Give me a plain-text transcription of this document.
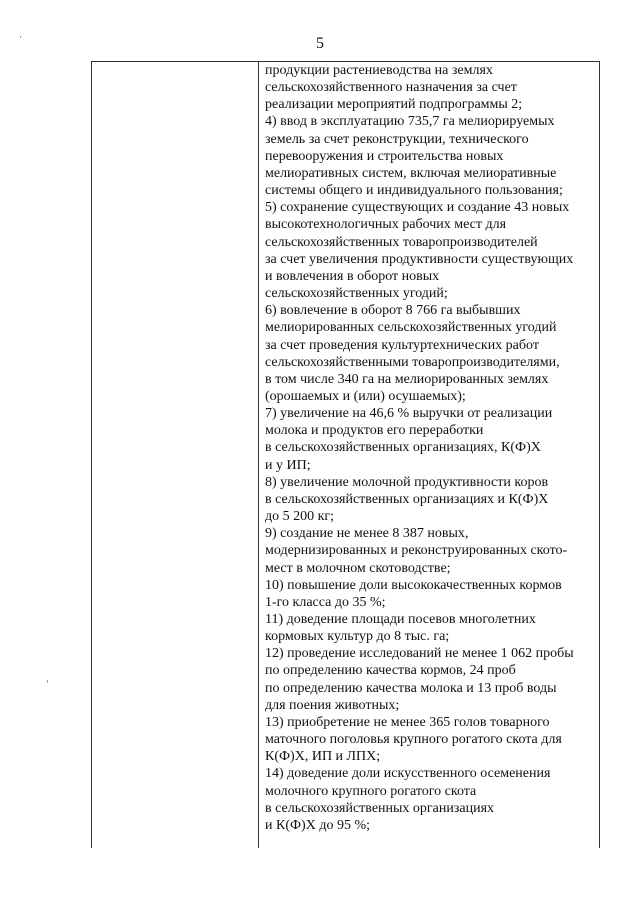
5
продукции растениеводства на землях
сельскохозяйственного назначения за счет
реализации мероприятий подпрограммы 2;
4) ввод в эксплуатацию 735,7 га мелиорируемых
земель за счет реконструкции, технического
перевооружения и строительства новых
мелиоративных систем, включая мелиоративные
системы общего и индивидуального пользования;
5) сохранение существующих и создание 43 новых
высокотехнологичных рабочих мест для
сельскохозяйственных товаропроизводителей
за счет увеличения продуктивности существующих
и вовлечения в оборот новых
сельскохозяйственных угодий;
6) вовлечение в оборот 8 766 га выбывших
мелиорированных сельскохозяйственных угодий
за счет проведения культуртехнических работ
сельскохозяйственными товаропроизводителями,
в том числе 340 га на мелиорированных землях
(орошаемых и (или) осушаемых);
7) увеличение на 46,6 % выручки от реализации
молока и продуктов его переработки
в сельскохозяйственных организациях, К(Ф)Х
и у ИП;
8) увеличение молочной продуктивности коров
в сельскохозяйственных организациях и К(Ф)Х
до 5 200 кг;
9) создание не менее 8 387 новых,
модернизированных и реконструированных ското-
мест в молочном скотоводстве;
10) повышение доли высококачественных кормов
1-го класса до 35 %;
11) доведение площади посевов многолетних
кормовых культур до 8 тыс. га;
12) проведение исследований не менее 1 062 пробы
по определению качества кормов, 24 проб
по определению качества молока и 13 проб воды
для поения животных;
13) приобретение не менее 365 голов товарного
маточного поголовья крупного рогатого скота для
К(Ф)Х, ИП и ЛПХ;
14) доведение доли искусственного осеменения
молочного крупного рогатого скота
в сельскохозяйственных организациях
и К(Ф)Х до 95 %;
